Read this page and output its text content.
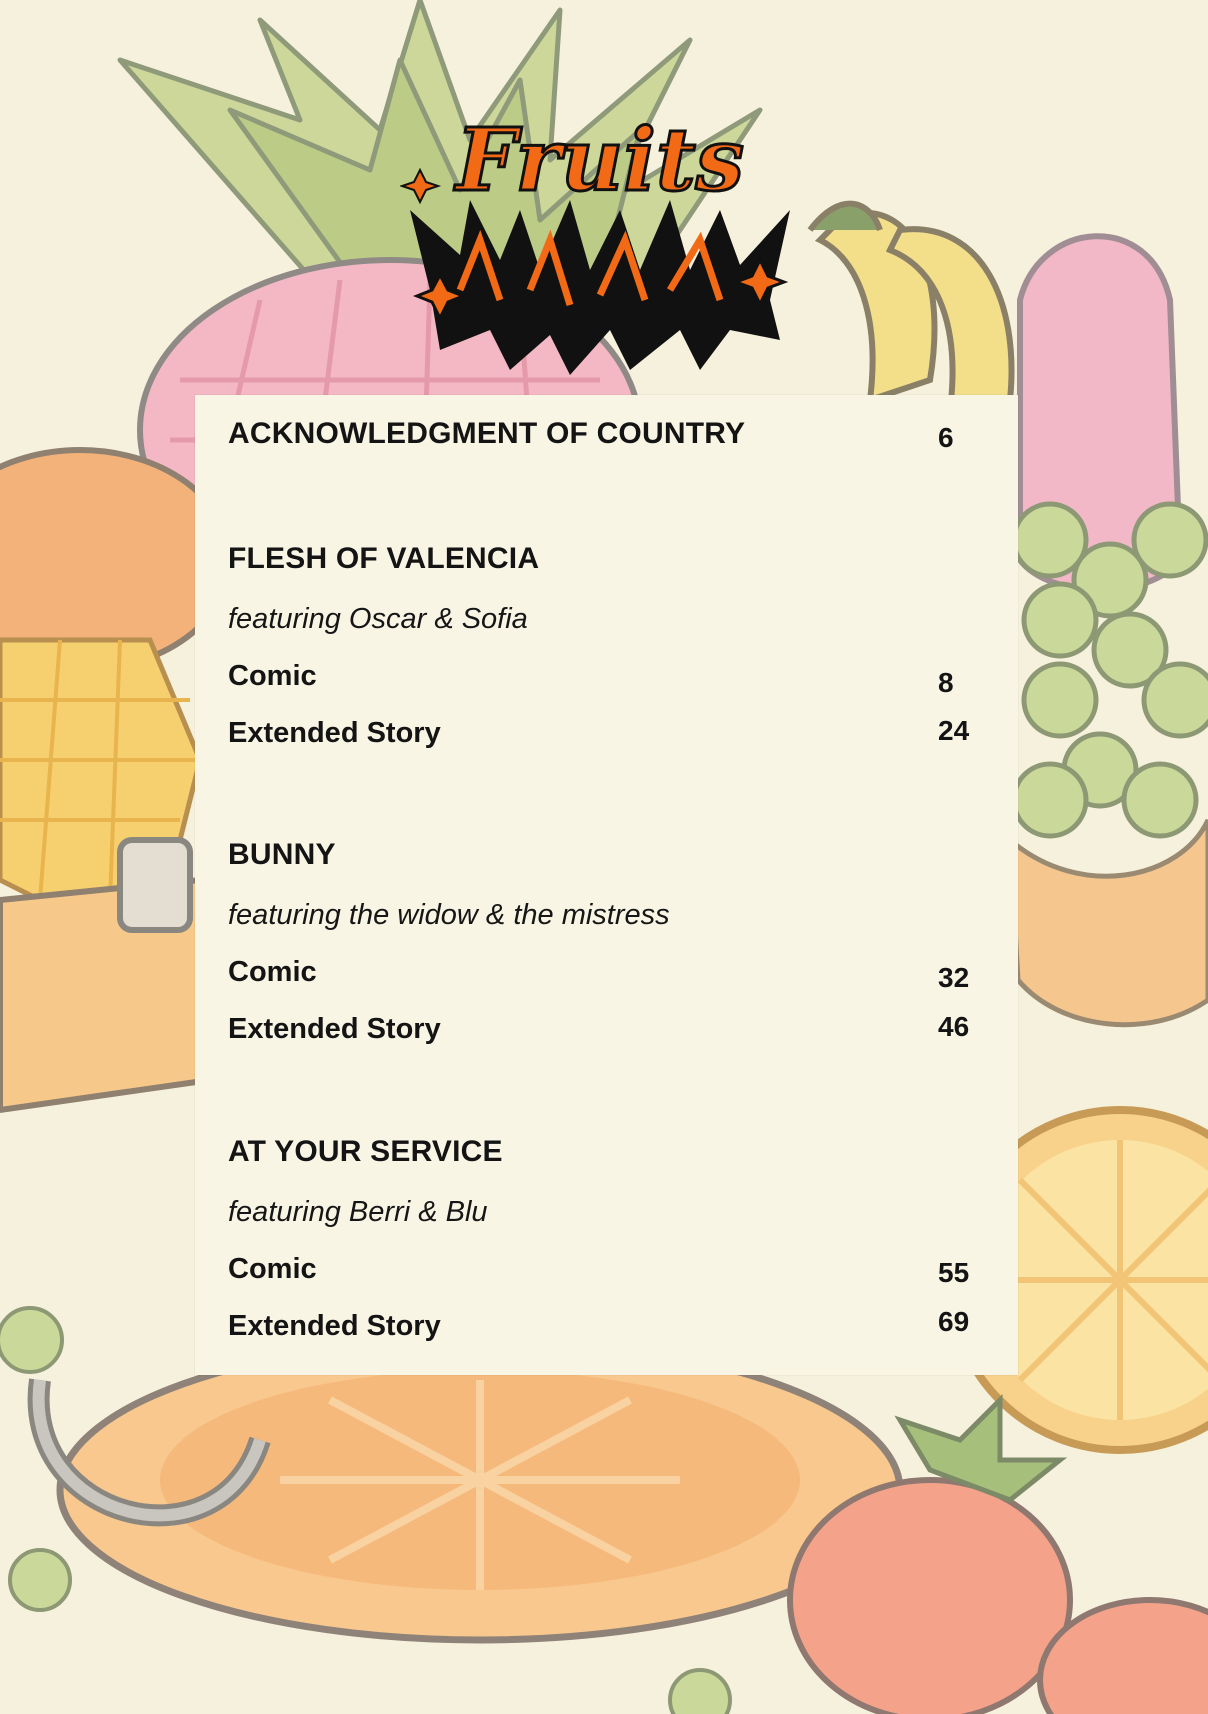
Fruits
ACKNOWLEDGMENT OF COUNTRY	6

FLESH OF VALENCIA

featuring Oscar & Sofia

Comic	8

Extended Story	24

BUNNY

featuring the widow & the mistress

Comic	32

Extended Story	46

AT YOUR SERVICE

featuring Berri & Blu

Comic	55

Extended Story	69
